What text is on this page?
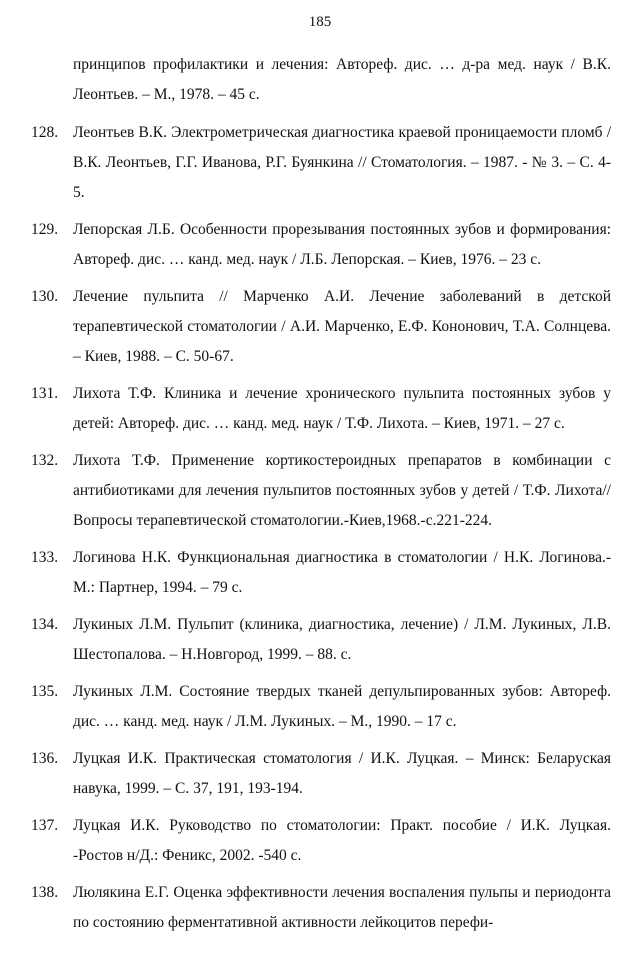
185
принципов профилактики и лечения: Автореф. дис. … д-ра мед. наук / В.К. Леонтьев. – М., 1978. – 45 с.
128. Леонтьев В.К. Электрометрическая диагностика краевой проницаемости пломб / В.К. Леонтьев, Г.Г. Иванова, Р.Г. Буянкина // Стоматология. – 1987. - № 3. – С. 4-5.
129. Лепорская Л.Б. Особенности прорезывания постоянных зубов и формирования: Автореф. дис. … канд. мед. наук / Л.Б. Лепорская. – Киев, 1976. – 23 с.
130. Лечение пульпита // Марченко А.И. Лечение заболеваний в детской терапевтической стоматологии / А.И. Марченко, Е.Ф. Кононович, Т.А. Солнцева. – Киев, 1988. – С. 50-67.
131. Лихота Т.Ф. Клиника и лечение хронического пульпита постоянных зубов у детей: Автореф. дис. … канд. мед. наук / Т.Ф. Лихота. – Киев, 1971. – 27 с.
132. Лихота Т.Ф. Применение кортикостероидных препаратов в комбинации с антибиотиками для лечения пульпитов постоянных зубов у детей / Т.Ф. Лихота// Вопросы терапевтической стоматологии.-Киев,1968.-с.221-224.
133. Логинова Н.К. Функциональная диагностика в стоматологии / Н.К. Логинова.- М.: Партнер, 1994. – 79 с.
134. Лукиных Л.М. Пульпит (клиника, диагностика, лечение) / Л.М. Лукиных, Л.В. Шестопалова. – Н.Новгород, 1999. – 88. с.
135. Лукиных Л.М. Состояние твердых тканей депульпированных зубов: Автореф. дис. … канд. мед. наук / Л.М. Лукиных. – М., 1990. – 17 с.
136. Луцкая И.К. Практическая стоматология / И.К. Луцкая. – Минск: Беларуская навука, 1999. – С. 37, 191, 193-194.
137. Луцкая И.К. Руководство по стоматологии: Практ. пособие / И.К. Луцкая. -Ростов н/Д.: Феникс, 2002. -540 с.
138. Люлякина Е.Г. Оценка эффективности лечения воспаления пульпы и периодонта по состоянию ферментативной активности лейкоцитов перефи-
